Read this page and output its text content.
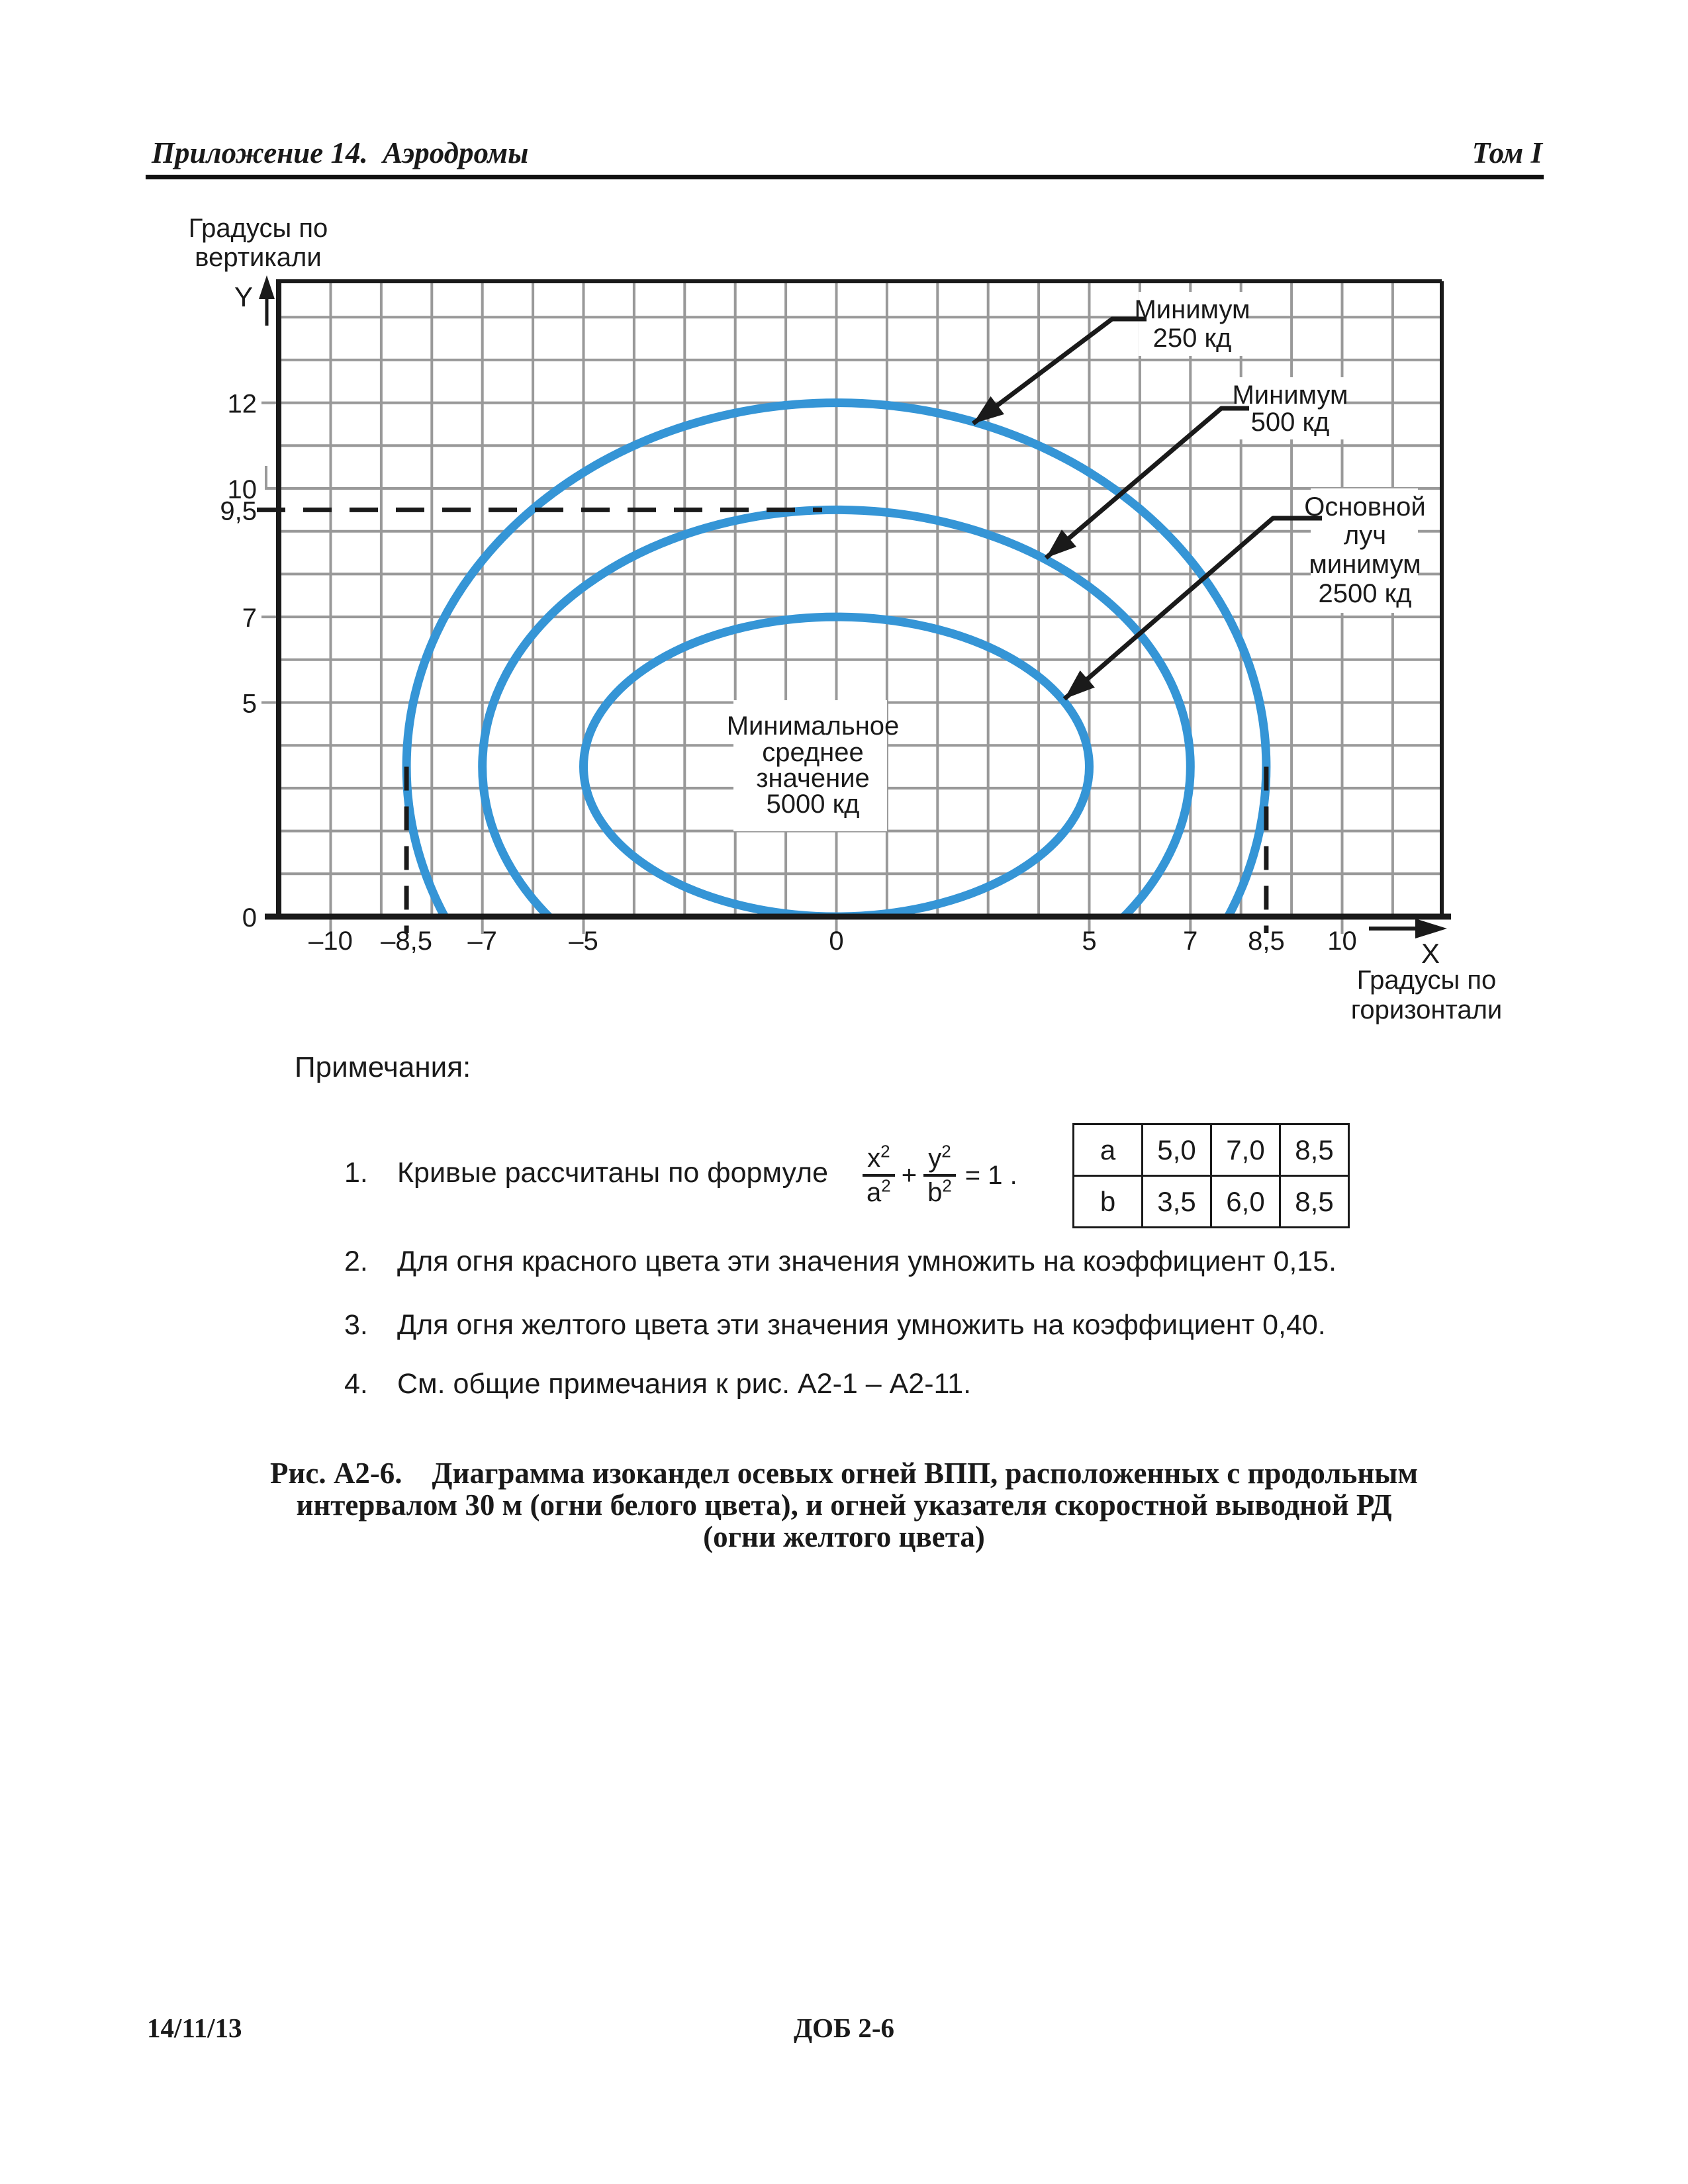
Приложение 14. Аэродромы	Том I
12
10
9,5
7
5
0
–10 –8,5 –7	–5	0	5	7 8,5 10
Градусы по
вертикали
Y
X
Градусы по
горизонтали
Минимум
250 кд
Минимум
500 кд
Основной
луч
минимум
2500 кд
Минимальное
среднее
значение
5000 кд
Примечания:
1. Кривые рассчитаны по формуле $\frac{x^2}{a^2} + \frac{y^2}{b^2} = 1$ .
a	5,0	7,0	8,5
b	3,5	6,0	8,5
2. Для огня красного цвета эти значения умножить на коэффициент 0,15.
3. Для огня желтого цвета эти значения умножить на коэффициент 0,40.
4. См. общие примечания к рис. А2-1 – А2-11.
Рис. А2-6.  Диаграмма изокандел осевых огней ВПП, расположенных с продольным
интервалом 30 м (огни белого цвета), и огней указателя скоростной выводной РД
(огни желтого цвета)
14/11/13	ДОБ 2-6
